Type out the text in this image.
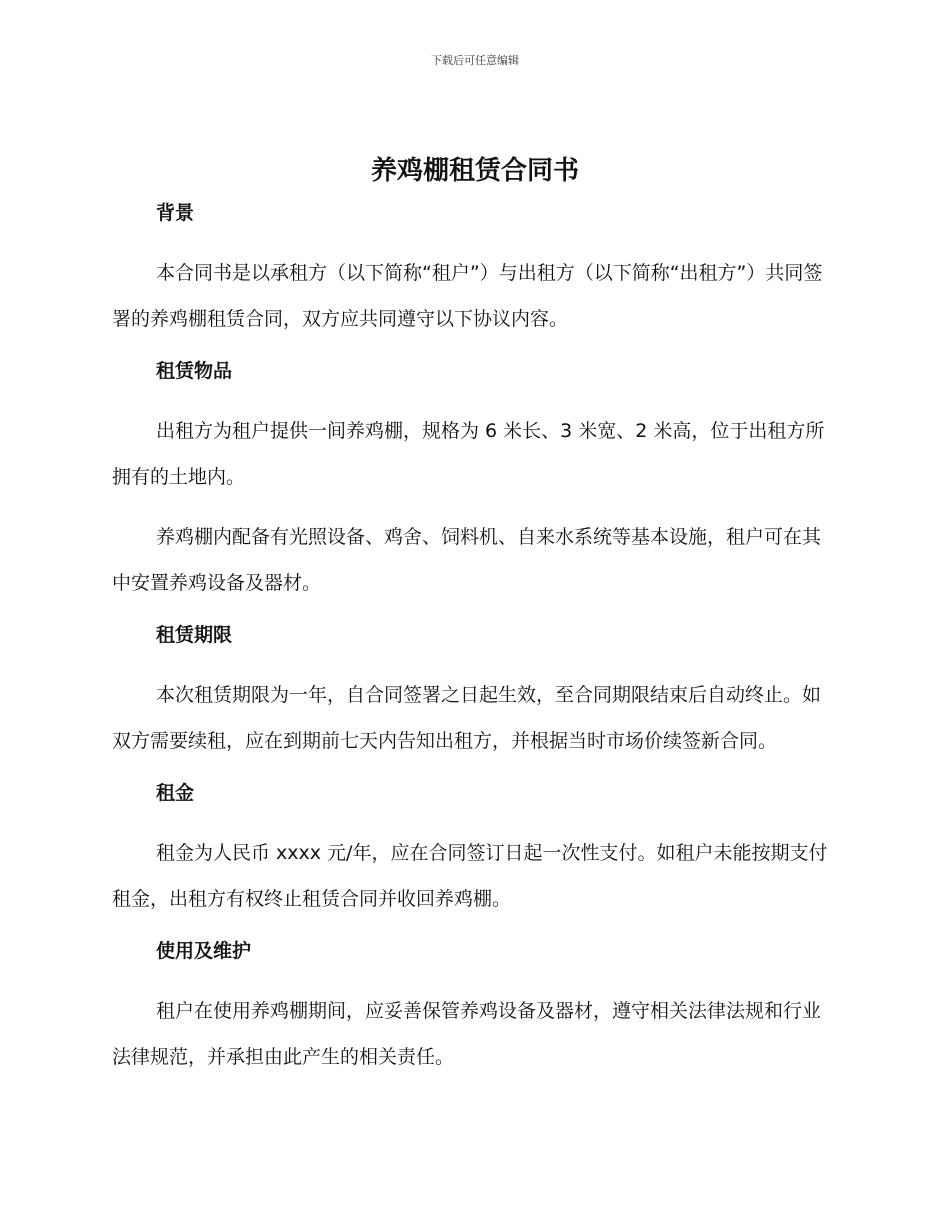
下载后可任意编辑
养鸡棚租赁合同书
背景

本合同书是以承租方（以下简称“租户”）与出租方（以下简称“出租方”）共同签署的养鸡棚租赁合同，双方应共同遵守以下协议内容。

租赁物品

出租方为租户提供一间养鸡棚，规格为 6 米长、3 米宽、2 米高，位于出租方所拥有的土地内。

养鸡棚内配备有光照设备、鸡舍、饲料机、自来水系统等基本设施，租户可在其中安置养鸡设备及器材。

租赁期限

本次租赁期限为一年，自合同签署之日起生效，至合同期限结束后自动终止。如双方需要续租，应在到期前七天内告知出租方，并根据当时市场价续签新合同。

租金

租金为人民币 xxxx 元/年，应在合同签订日起一次性支付。如租户未能按期支付租金，出租方有权终止租赁合同并收回养鸡棚。

使用及维护

租户在使用养鸡棚期间，应妥善保管养鸡设备及器材，遵守相关法律法规和行业法律规范，并承担由此产生的相关责任。
